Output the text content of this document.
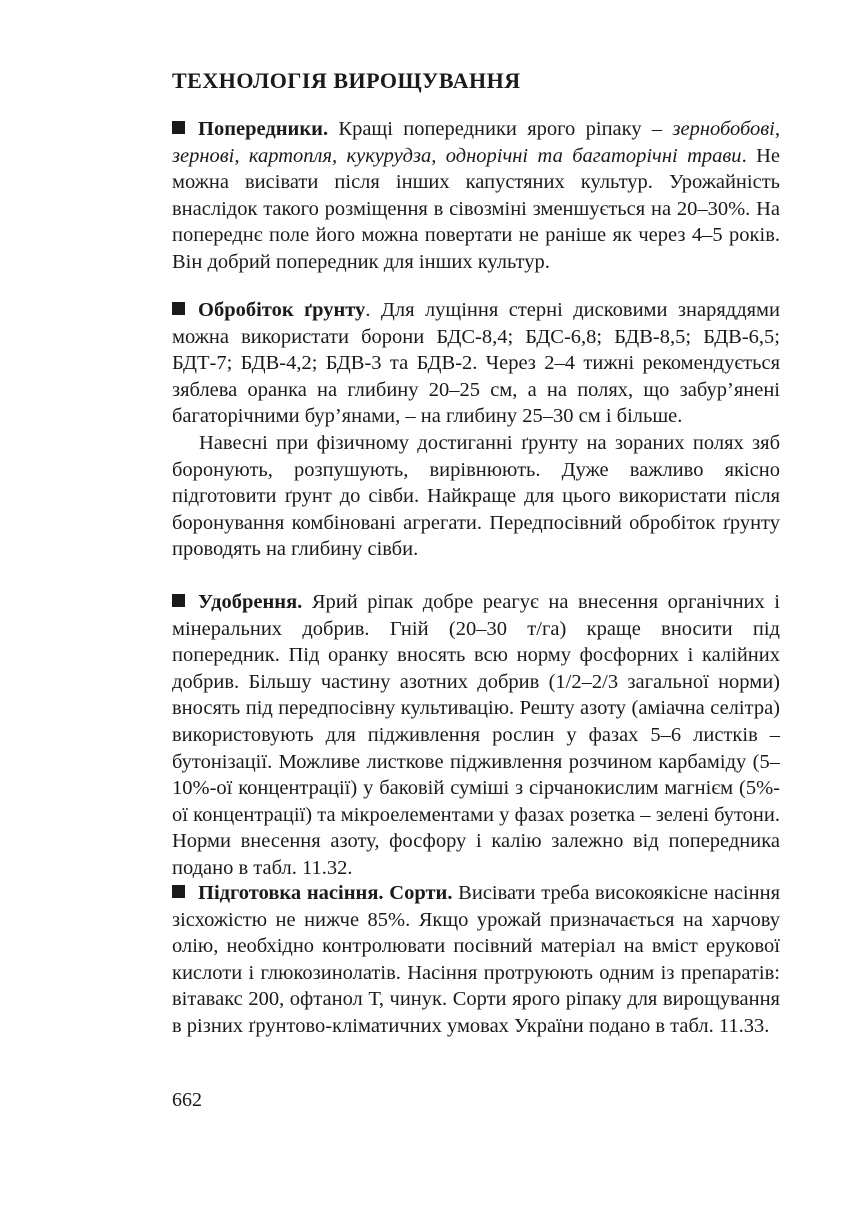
ТЕХНОЛОГІЯ ВИРОЩУВАННЯ

Попередники. Кращі попередники ярого ріпаку – зернобобові, зернові, картопля, кукурудза, однорічні та багаторічні трави. Не можна висівати після інших капустяних культур. Урожайність внаслідок такого розміщення в сівозміні зменшується на 20–30%. На попереднє поле його можна повертати не раніше як через 4–5 років. Він добрий попередник для інших культур.

Обробіток ґрунту. Для лущіння стерні дисковими знаряддями можна використати борони БДС-8,4; БДС-6,8; БДВ-8,5; БДВ-6,5; БДТ-7; БДВ-4,2; БДВ-3 та БДВ-2. Через 2–4 тижні рекомендується зяблева оранка на глибину 20–25 см, а на полях, що забур’янені багаторічними бур’янами, – на глибину 25–30 см і більше.

Навесні при фізичному достиганні ґрунту на зораних полях зяб боронують, розпушують, вирівнюють. Дуже важливо якісно підготовити ґрунт до сівби. Найкраще для цього використати після боронування комбіновані агрегати. Передпосівний обробіток ґрунту проводять на глибину сівби.

Удобрення. Ярий ріпак добре реагує на внесення органічних і мінеральних добрив. Гній (20–30 т/га) краще вносити під попередник. Під оранку вносять всю норму фосфорних і калійних добрив. Більшу частину азотних добрив (1/2–2/3 загальної норми) вносять під передпосівну культивацію. Решту азоту (аміачна селітра) використовують для підживлення рослин у фазах 5–6 листків – бутонізації. Можливе листкове підживлення розчином карбаміду (5–10%-ої концентрації) у баковій суміші з сірчанокислим магнієм (5%-ої концентрації) та мікроелементами у фазах розетка – зелені бутони. Норми внесення азоту, фосфору і калію залежно від попередника подано в табл. 11.32.

Підготовка насіння. Сорти. Висівати треба високоякісне насіння зісхожістю не нижче 85%. Якщо урожай призначається на харчову олію, необхідно контролювати посівний матеріал на вміст ерукової кислоти і глюкозинолатів. Насіння протруюють одним із препаратів: вітавакс 200, офтанол Т, чинук. Сорти ярого ріпаку для вирощування в різних ґрунтово-кліматичних умовах України подано в табл. 11.33.

662
